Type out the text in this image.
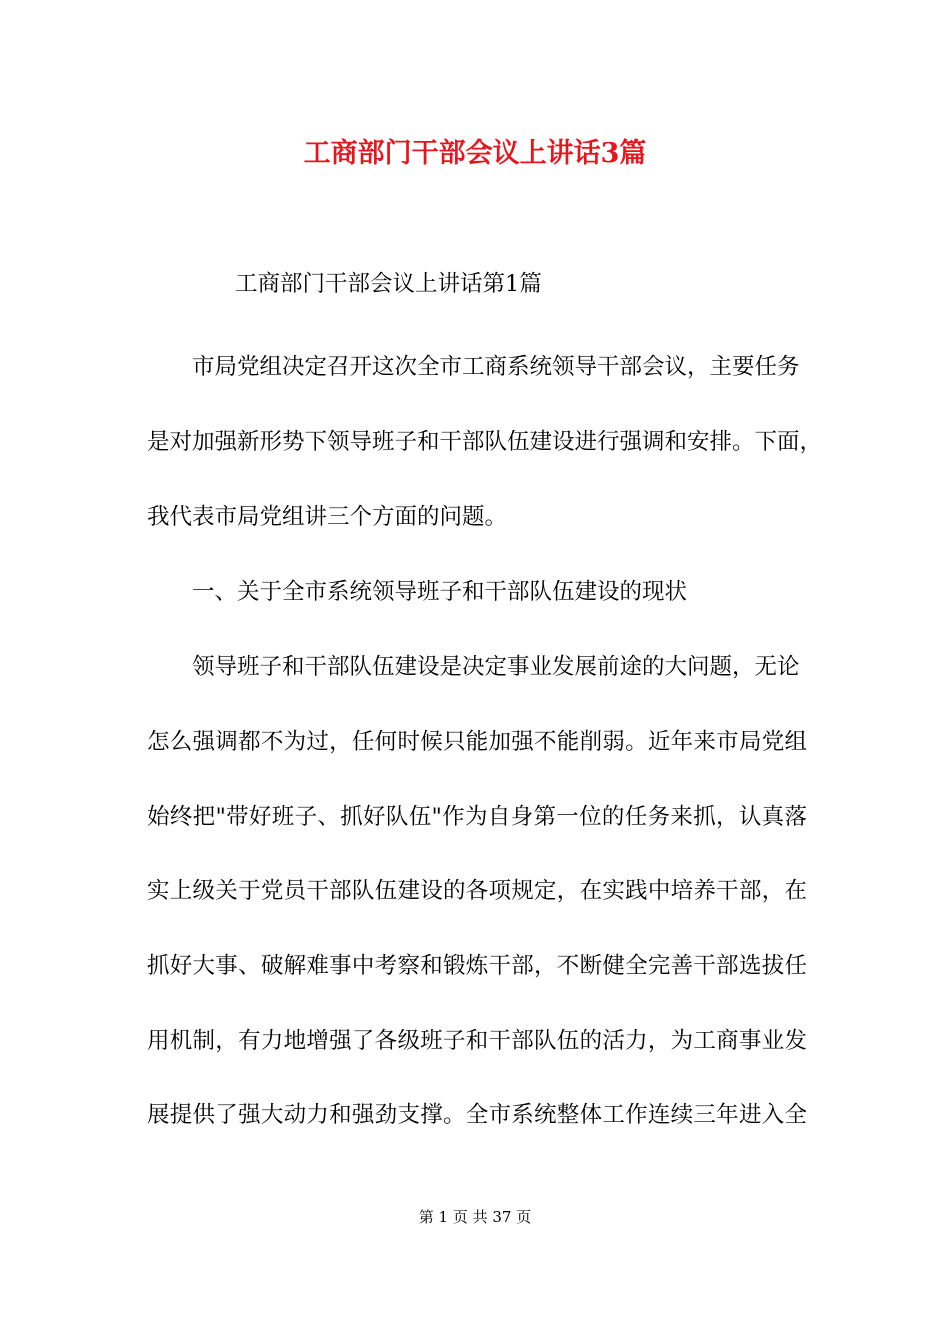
工商部门干部会议上讲话3篇
工商部门干部会议上讲话第1篇
市局党组决定召开这次全市工商系统领导干部会议，主要任务
是对加强新形势下领导班子和干部队伍建设进行强调和安排。下面，
我代表市局党组讲三个方面的问题。
一、关于全市系统领导班子和干部队伍建设的现状
领导班子和干部队伍建设是决定事业发展前途的大问题，无论
怎么强调都不为过，任何时候只能加强不能削弱。近年来市局党组
始终把"带好班子、抓好队伍"作为自身第一位的任务来抓，认真落
实上级关于党员干部队伍建设的各项规定，在实践中培养干部，在
抓好大事、破解难事中考察和锻炼干部，不断健全完善干部选拔任
用机制，有力地增强了各级班子和干部队伍的活力，为工商事业发
展提供了强大动力和强劲支撑。全市系统整体工作连续三年进入全
第 1 页 共 37 页
